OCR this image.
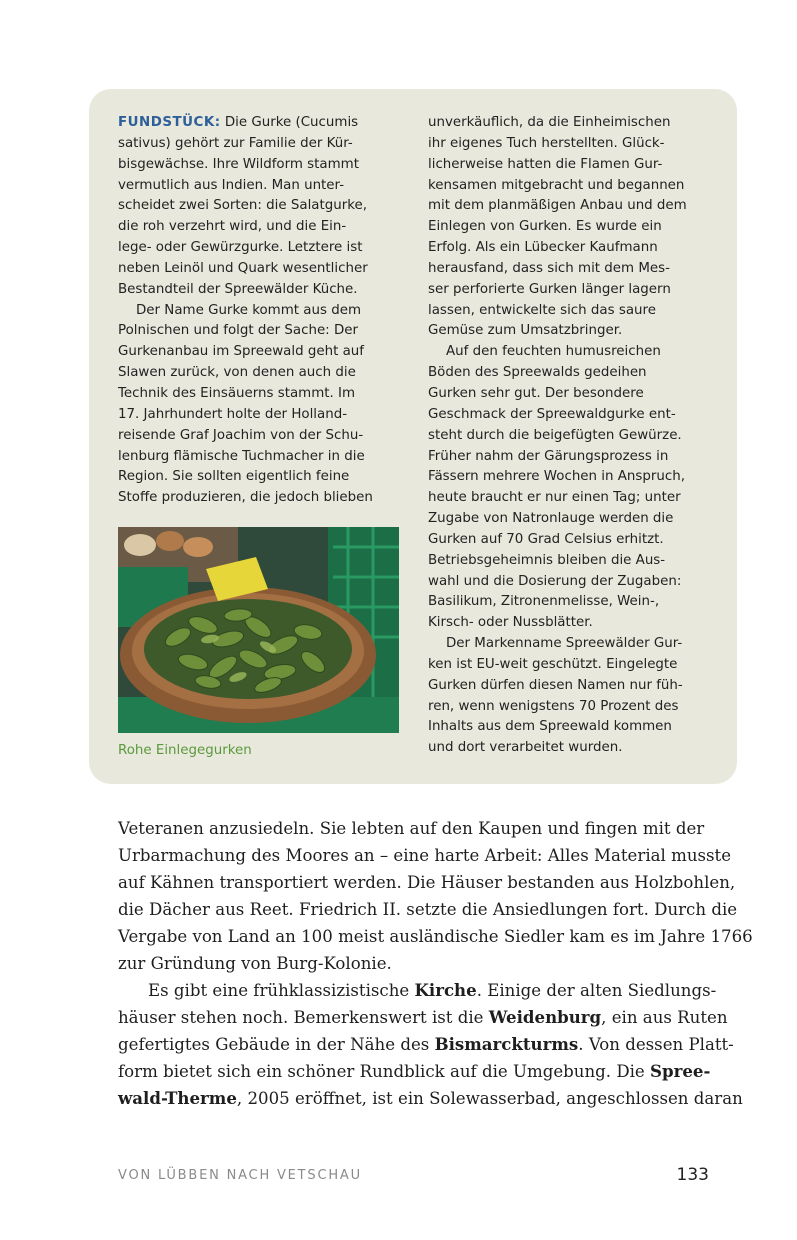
FUNDSTÜCK: Die Gurke (Cucumis

sativus) gehört zur Familie der Kür-

bisgewächse. Ihre Wildform stammt

vermutlich aus Indien. Man unter-

scheidet zwei Sorten: die Salatgurke,

die roh verzehrt wird, und die Ein-

lege- oder Gewürzgurke. Letztere ist

neben Leinöl und Quark wesentlicher

Bestandteil der Spreewälder Küche.

Der Name Gurke kommt aus dem

Polnischen und folgt der Sache: Der

Gurkenanbau im Spreewald geht auf

Slawen zurück, von denen auch die

Technik des Einsäuerns stammt. Im

17. Jahrhundert holte der Holland-

reisende Graf Joachim von der Schu-

lenburg flämische Tuchmacher in die

Region. Sie sollten eigentlich feine

Stoffe produzieren, die jedoch blieben

Rohe Einlegegurken

unverkäuflich, da die Einheimischen

ihr eigenes Tuch herstellten. Glück-

licherweise hatten die Flamen Gur-

kensamen mitgebracht und begannen

mit dem planmäßigen Anbau und dem

Einlegen von Gurken. Es wurde ein

Erfolg. Als ein Lübecker Kaufmann

herausfand, dass sich mit dem Mes-

ser perforierte Gurken länger lagern

lassen, entwickelte sich das saure

Gemüse zum Umsatzbringer.

Auf den feuchten humusreichen

Böden des Spreewalds gedeihen

Gurken sehr gut. Der besondere

Geschmack der Spreewaldgurke ent-

steht durch die beigefügten Gewürze.

Früher nahm der Gärungsprozess in

Fässern mehrere Wochen in Anspruch,

heute braucht er nur einen Tag; unter

Zugabe von Natronlauge werden die

Gurken auf 70 Grad Celsius erhitzt.

Betriebsgeheimnis bleiben die Aus-

wahl und die Dosierung der Zugaben:

Basilikum, Zitronenmelisse, Wein-,

Kirsch- oder Nussblätter.

Der Markenname Spreewälder Gur-

ken ist EU-weit geschützt. Eingelegte

Gurken dürfen diesen Namen nur füh-

ren, wenn wenigstens 70 Prozent des

Inhalts aus dem Spreewald kommen

und dort verarbeitet wurden.

Veteranen anzusiedeln. Sie lebten auf den Kaupen und fingen mit der

Urbarmachung des Moores an – eine harte Arbeit: Alles Material musste

auf Kähnen transportiert werden. Die Häuser bestanden aus Holzbohlen,

die Dächer aus Reet. Friedrich II. setzte die Ansiedlungen fort. Durch die

Vergabe von Land an 100 meist ausländische Siedler kam es im Jahre 1766

zur Gründung von Burg-Kolonie.

Es gibt eine frühklassizistische Kirche. Einige der alten Siedlungs-

häuser stehen noch. Bemerkenswert ist die Weidenburg, ein aus Ruten

gefertigtes Gebäude in der Nähe des Bismarckturms. Von dessen Platt-

form bietet sich ein schöner Rundblick auf die Umgebung. Die Spree-

wald-Therme, 2005 eröffnet, ist ein Solewasserbad, angeschlossen daran

VON LÜBBEN NACH VETSCHAU	133
